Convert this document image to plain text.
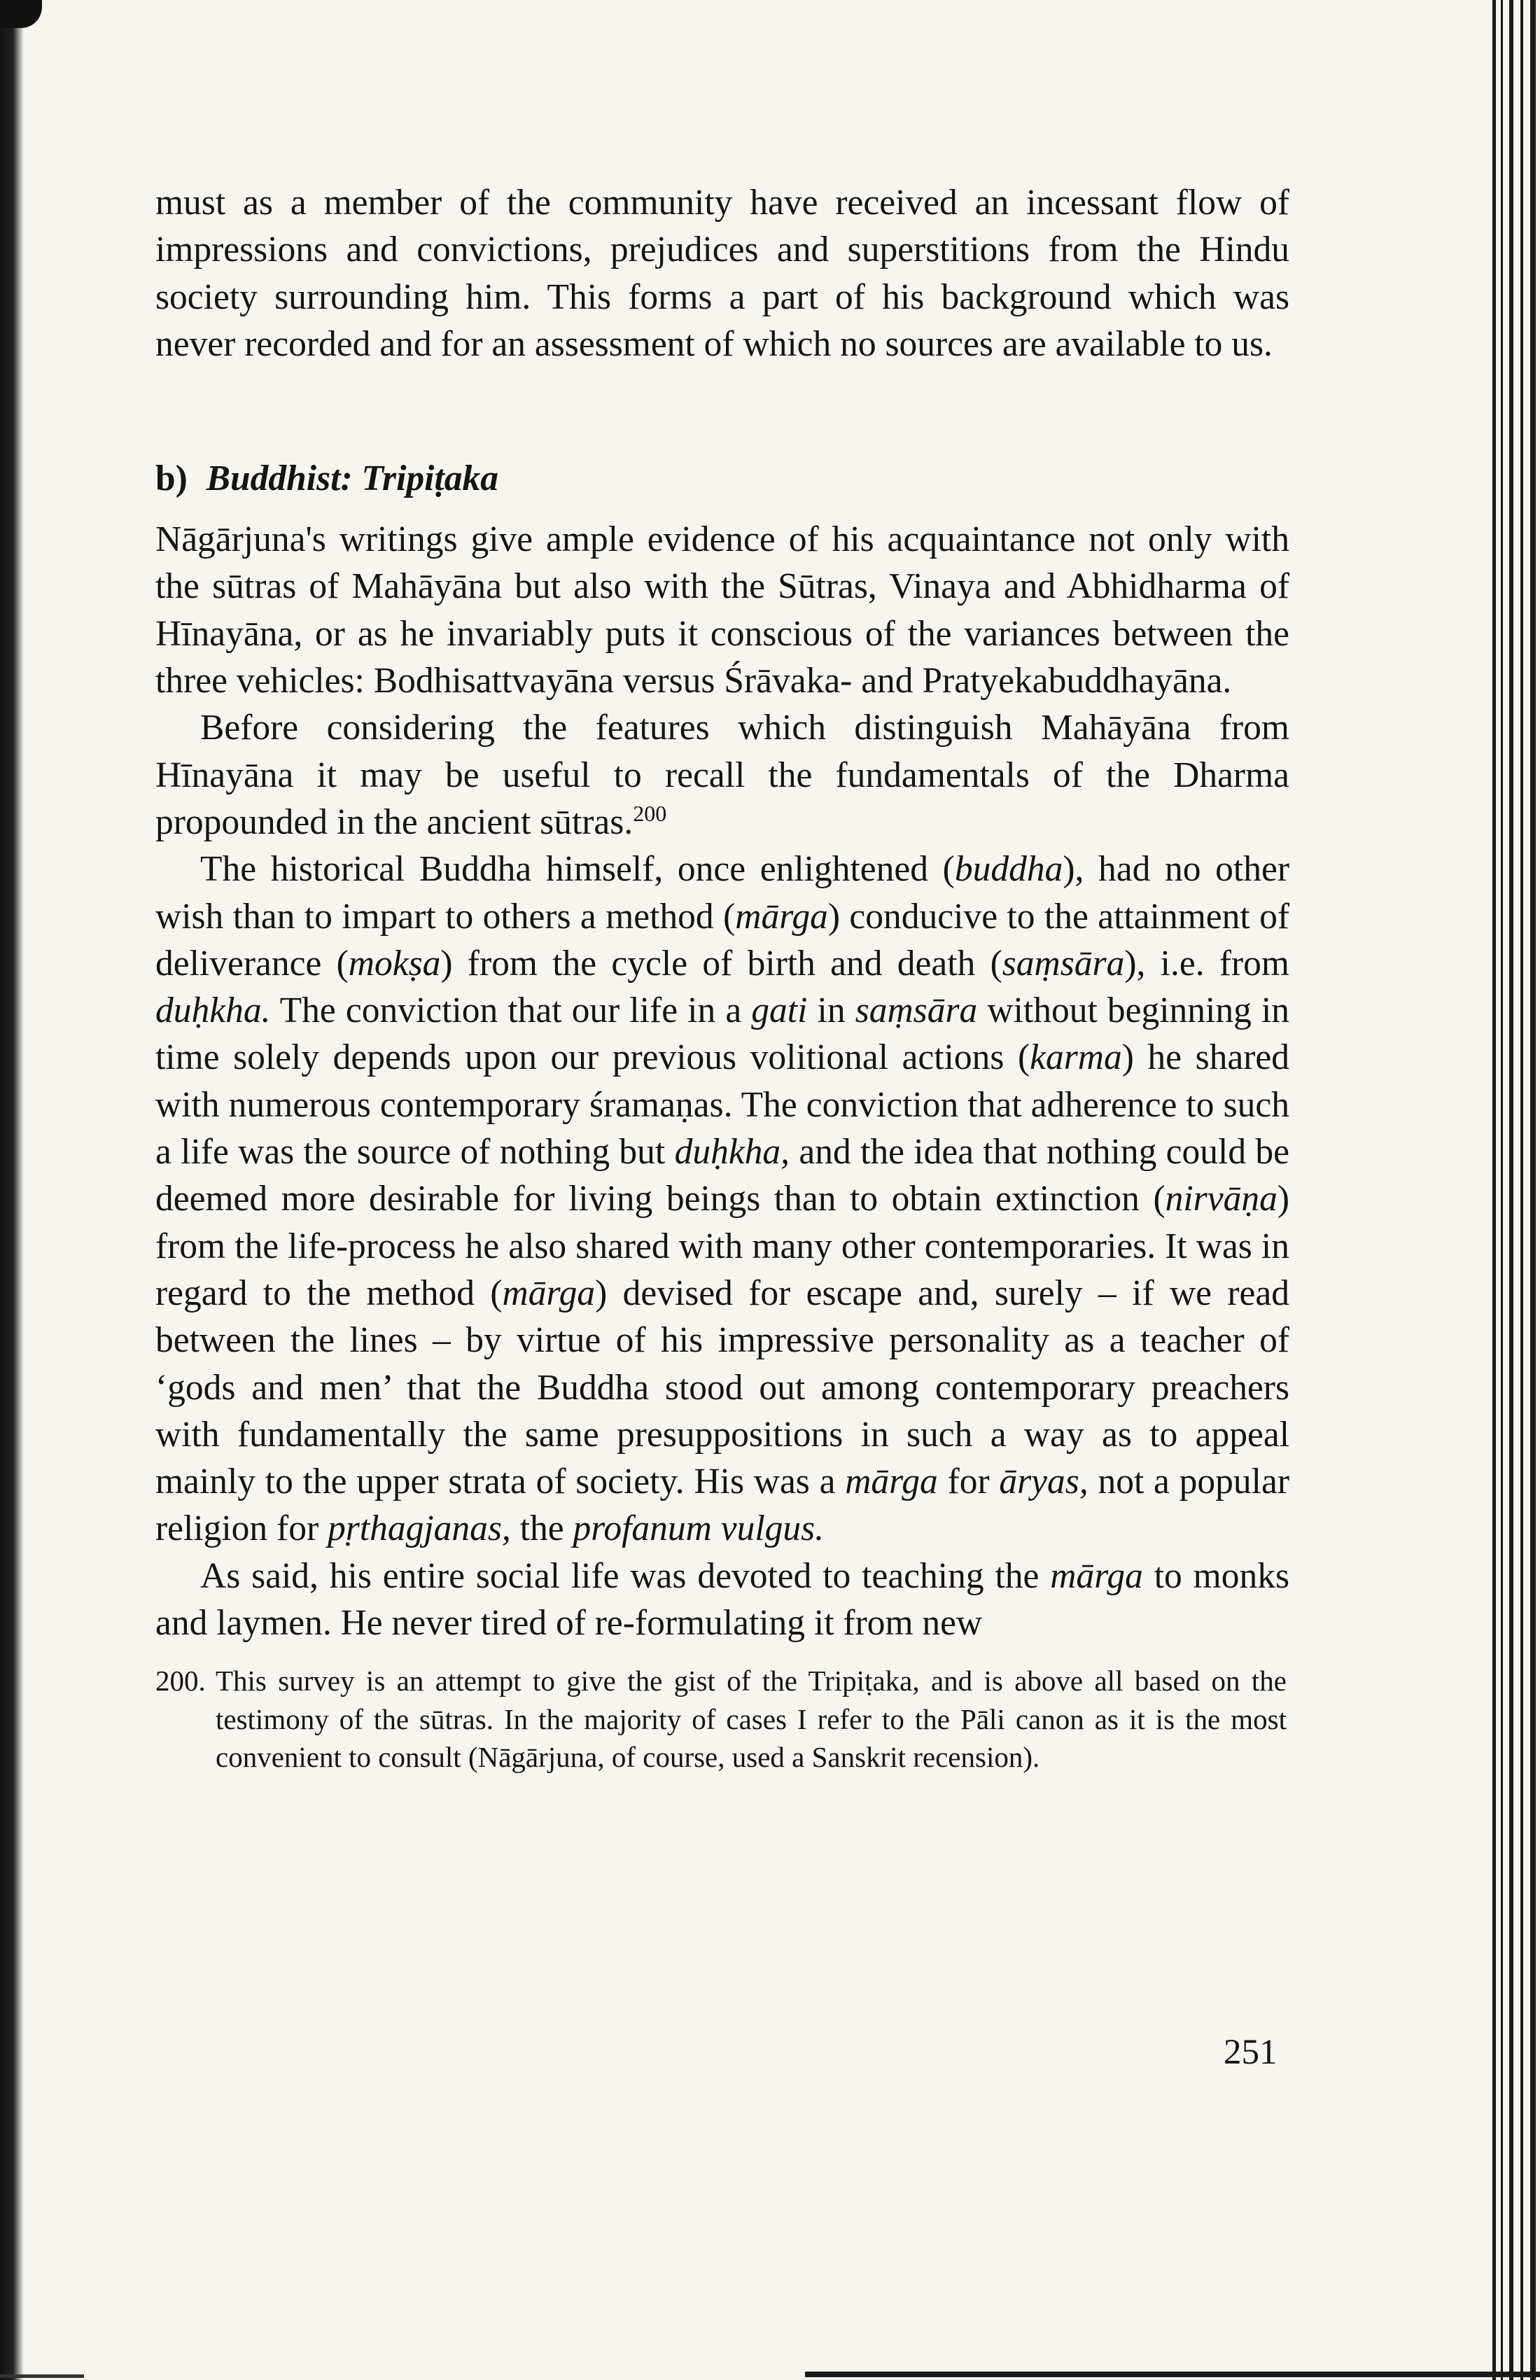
must as a member of the community have received an incessant flow of impressions and convictions, prejudices and superstitions from the Hindu society surrounding him. This forms a part of his background which was never recorded and for an assessment of which no sources are available to us.

b) Buddhist: Tripiṭaka

Nāgārjuna's writings give ample evidence of his acquaintance not only with the sūtras of Mahāyāna but also with the Sūtras, Vinaya and Abhidharma of Hīnayāna, or as he invariably puts it conscious of the variances between the three vehicles: Bodhisattvayāna versus Śrāvaka- and Pratyekabuddhayāna.

Before considering the features which distinguish Mahāyāna from Hīnayāna it may be useful to recall the fundamentals of the Dharma propounded in the ancient sūtras.$^{200}$

The historical Buddha himself, once enlightened (buddha), had no other wish than to impart to others a method (mārga) conducive to the attainment of deliverance (mokṣa) from the cycle of birth and death (saṃsāra), i.e. from duḥkha. The conviction that our life in a gati in saṃsāra without beginning in time solely depends upon our previous volitional actions (karma) he shared with numerous contemporary śramaṇas. The conviction that adherence to such a life was the source of nothing but duḥkha, and the idea that nothing could be deemed more desirable for living beings than to obtain extinction (nirvāṇa) from the life-process he also shared with many other contemporaries. It was in regard to the method (mārga) devised for escape and, surely – if we read between the lines – by virtue of his impressive personality as a teacher of ‘gods and men’ that the Buddha stood out among contemporary preachers with fundamentally the same presuppositions in such a way as to appeal mainly to the upper strata of society. His was a mārga for āryas, not a popular religion for pṛthagjanas, the profanum vulgus.

As said, his entire social life was devoted to teaching the mārga to monks and laymen. He never tired of re-formulating it from new

200. This survey is an attempt to give the gist of the Tripiṭaka, and is above all based on the testimony of the sūtras. In the majority of cases I refer to the Pāli canon as it is the most convenient to consult (Nāgārjuna, of course, used a Sanskrit recension).
251
